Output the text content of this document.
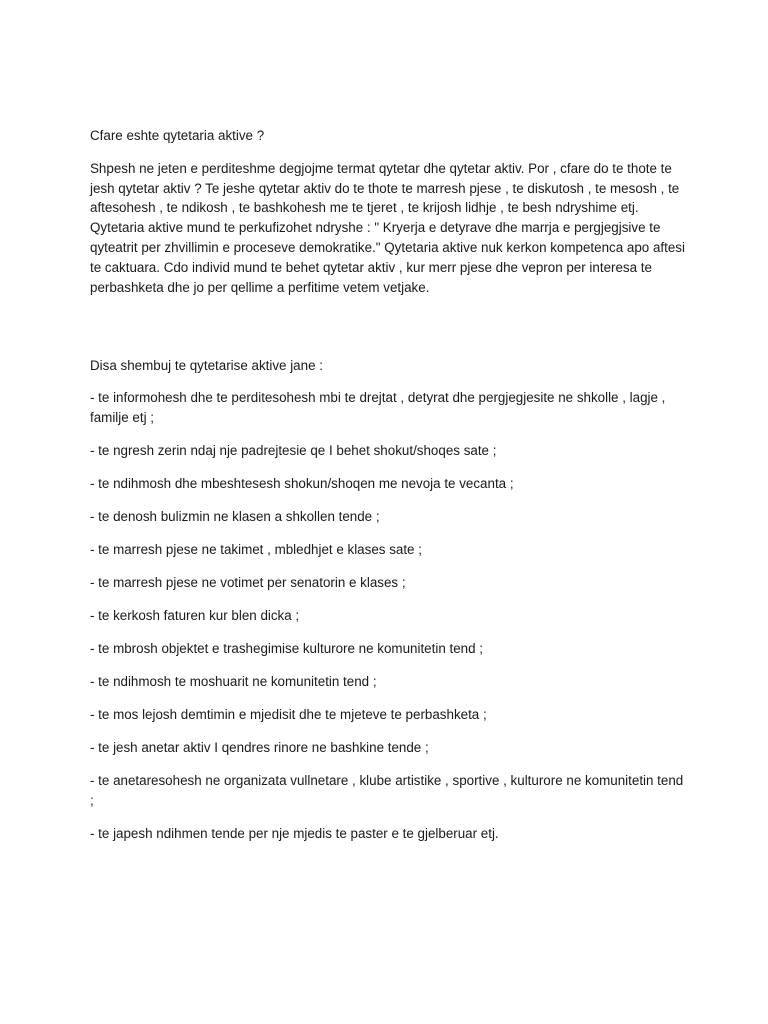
Cfare eshte qytetaria aktive ?

Shpesh ne jeten e perditeshme degjojme termat qytetar dhe qytetar aktiv. Por , cfare do te thote te jesh qytetar aktiv ? Te jeshe qytetar aktiv do te thote te marresh pjese , te diskutosh , te mesosh , te aftesohesh , te ndikosh , te bashkohesh me te tjeret , te krijosh lidhje , te besh ndryshime etj. Qytetaria aktive mund te perkufizohet ndryshe : " Kryerja e detyrave dhe marrja e pergjegjsive te qyteatrit per zhvillimin e proceseve demokratike." Qytetaria aktive nuk kerkon kompetenca apo aftesi te caktuara. Cdo individ mund te behet qytetar aktiv , kur merr pjese dhe vepron per interesa te perbashketa dhe jo per qellime a perfitime vetem vetjake.

Disa shembuj te qytetarise aktive jane :

- te informohesh dhe te perditesohesh mbi te drejtat , detyrat dhe pergjegjesite ne shkolle , lagje , familje etj ;
- te ngresh zerin ndaj nje padrejtesie qe I behet shokut/shoqes sate ;
- te ndihmosh dhe mbeshtesesh shokun/shoqen me nevoja te vecanta ;
- te denosh bulizmin ne klasen a shkollen tende ;
- te marresh pjese ne takimet , mbledhjet e klases sate ;
- te marresh pjese ne votimet per senatorin e klases ;
- te kerkosh faturen kur blen dicka ;
- te mbrosh objektet e trashegimise kulturore ne komunitetin tend ;
- te ndihmosh te moshuarit ne komunitetin tend ;
- te mos lejosh demtimin e mjedisit dhe te mjeteve te perbashketa ;
- te jesh anetar aktiv I qendres rinore ne bashkine tende ;
- te anetaresohesh ne organizata vullnetare , klube artistike , sportive , kulturore ne komunitetin tend ;
- te japesh ndihmen tende per nje mjedis te paster e te gjelberuar etj.
